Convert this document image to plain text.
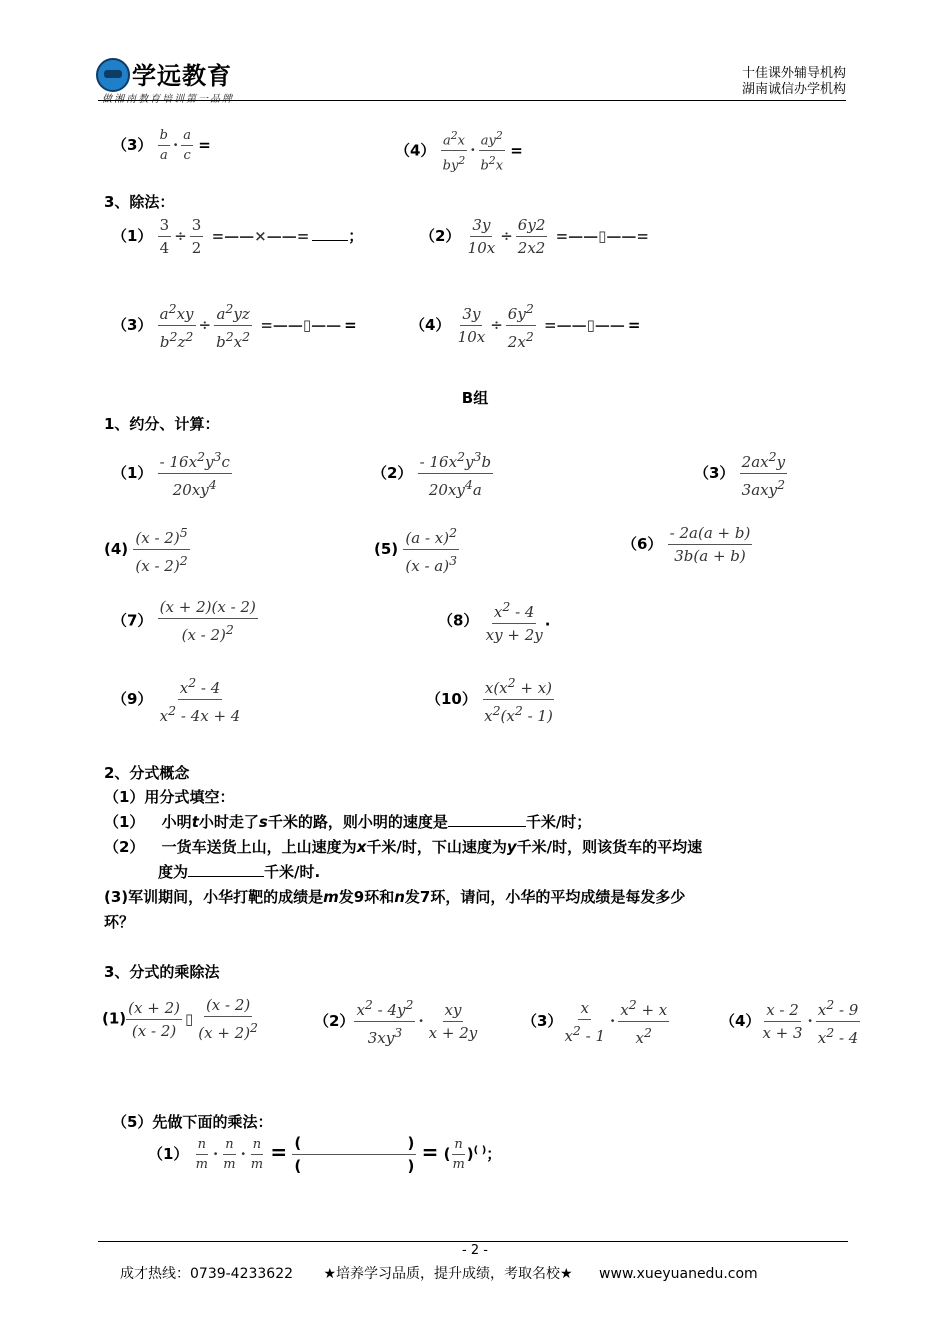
学远教育
做湘南教育培训第一品牌
十佳课外辅导机构
湖南诚信办学机构
$(3) \frac{b}{a} \cdot \frac{a}{c}$ =	$(4) \frac{a^2x}{by^2} \cdot \frac{ay^2}{b^2x}$ =
3、除法：
$(1) \frac{3}{4} \div \frac{3}{2}$ =——×——=	；	$(2) \frac{3y}{10x} \div \frac{6y2}{2x2}$ =——▯——=
$(3) \frac{a^2xy}{b^2z^2} \div \frac{a^2yz}{b^2x^2}$ =——▯—— =	$(4) \frac{3y}{10x} \div \frac{6y^2}{2x^2}$ =——▯—— =
B组
1、约分、计算：
$(1) \frac{- 16x^2y^3c}{20xy^4}$	$(2) \frac{- 16x^2y^3b}{20xy^4a}$	$(3) \frac{2ax^2y}{3axy^2}$
$(4) \frac{(x - 2)^5}{(x - 2)^2}$	$(5) \frac{(a - x)^2}{(x - a)^3}$	$(6) \frac{- 2a(a + b)}{3b(a + b)}$
$(7) \frac{(x + 2)(x - 2)}{(x - 2)^2}$	$(8) \frac{x^2 - 4}{xy + 2y}$ .
$(9) \frac{x^2 - 4}{x^2 - 4x + 4}$	$(10) \frac{x(x^2 + x)}{x^2(x^2 - 1)}$
2、分式概念
（1）用分式填空：
（1） 小明t小时走了s千米的路，则小明的速度是	千米/时；
（2） 一货车送货上山，上山速度为x千米/时，下山速度为y千米/时，则该货车的平均速
度为	千米/时.
(3)军训期间，小华打靶的成绩是m发9环和n发7环，请问，小华的平均成绩是每发多少
环？
3、分式的乘除法
$(1) \frac{(x + 2)}{(x - 2)}$ ▯ $\frac{(x - 2)}{(x + 2)^2}$	$(2) \frac{x^2 - 4y^2}{3xy^3} \cdot \frac{xy}{x + 2y}$	$(3) \frac{x}{x^2 - 1} \cdot \frac{x^2 + x}{x^2}$	$(4) \frac{x - 2}{x + 3} \cdot \frac{x^2 - 9}{x^2 - 4}$
（5）先做下面的乘法：
$(1) \frac{n}{m} \cdot \frac{n}{m} \cdot \frac{n}{m}$ = (	)
(	) = ( $\frac{n}{m} )^{( )}$；
- 2 -
成才热线：0739-4233622 ★培养学习品质，提升成绩，考取名校★ www.xueyuanedu.com
